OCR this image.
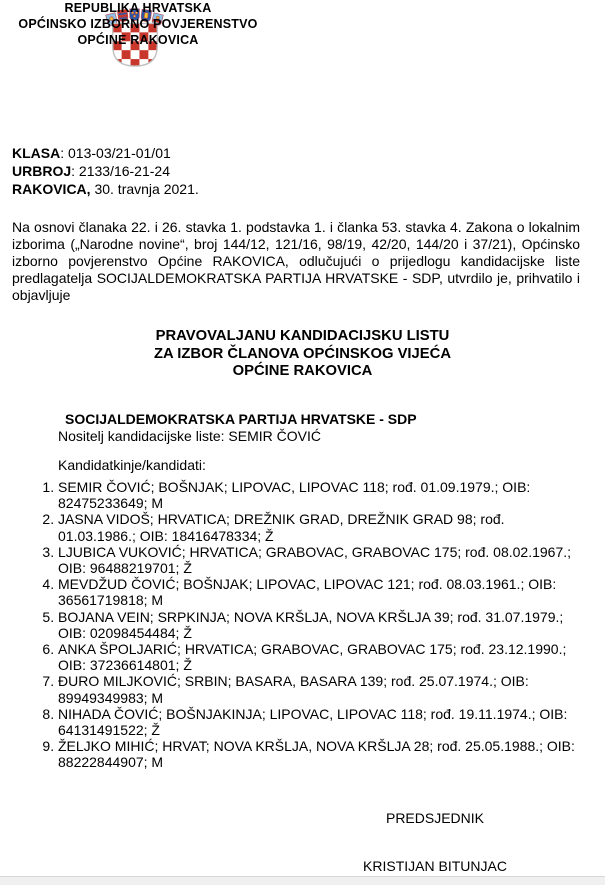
REPUBLIKA HRVATSKA
OPĆINSKO IZBORNO POVJERENSTVO
OPĆINE RAKOVICA
KLASA: 013-03/21-01/01
URBROJ: 2133/16-21-24
RAKOVICA, 30. travnja 2021.
Na osnovi članaka 22. i 26. stavka 1. podstavka 1. i članka 53. stavka 4. Zakona o lokalnim izborima („Narodne novine“, broj 144/12, 121/16, 98/19, 42/20, 144/20 i 37/21), Općinsko izborno povjerenstvo Općine RAKOVICA, odlučujući o prijedlogu kandidacijske liste predlagatelja SOCIJALDEMOKRATSKA PARTIJA HRVATSKE - SDP, utvrdilo je, prihvatilo i objavljuje
PRAVOVALJANU KANDIDACIJSKU LISTU
ZA IZBOR ČLANOVA OPĆINSKOG VIJEĆA
OPĆINE RAKOVICA
SOCIJALDEMOKRATSKA PARTIJA HRVATSKE - SDP
Nositelj kandidacijske liste: SEMIR ČOVIĆ
Kandidatkinje/kandidati:
1. SEMIR ČOVIĆ; BOŠNJAK; LIPOVAC, LIPOVAC 118; rođ. 01.09.1979.; OIB: 82475233649; M
2. JASNA VIDOŠ; HRVATICA; DREŽNIK GRAD, DREŽNIK GRAD 98; rođ. 01.03.1986.; OIB: 18416478334; Ž
3. LJUBICA VUKOVIĆ; HRVATICA; GRABOVAC, GRABOVAC 175; rođ. 08.02.1967.; OIB: 96488219701; Ž
4. MEVDŽUD ČOVIĆ; BOŠNJAK; LIPOVAC, LIPOVAC 121; rođ. 08.03.1961.; OIB: 36561719818; M
5. BOJANA VEIN; SRPKINJA; NOVA KRŠLJA, NOVA KRŠLJA 39; rođ. 31.07.1979.; OIB: 02098454484; Ž
6. ANKA ŠPOLJARIĆ; HRVATICA; GRABOVAC, GRABOVAC 175; rođ. 23.12.1990.; OIB: 37236614801; Ž
7. ĐURO MILJKOVIĆ; SRBIN; BASARA, BASARA 139; rođ. 25.07.1974.; OIB: 89949349983; M
8. NIHADA ČOVIĆ; BOŠNJAKINJA; LIPOVAC, LIPOVAC 118; rođ. 19.11.1974.; OIB: 64131491522; Ž
9. ŽELJKO MIHIĆ; HRVAT; NOVA KRŠLJA, NOVA KRŠLJA 28; rođ. 25.05.1988.; OIB: 88222844907; M
PREDSJEDNIK
KRISTIJAN BITUNJAC
